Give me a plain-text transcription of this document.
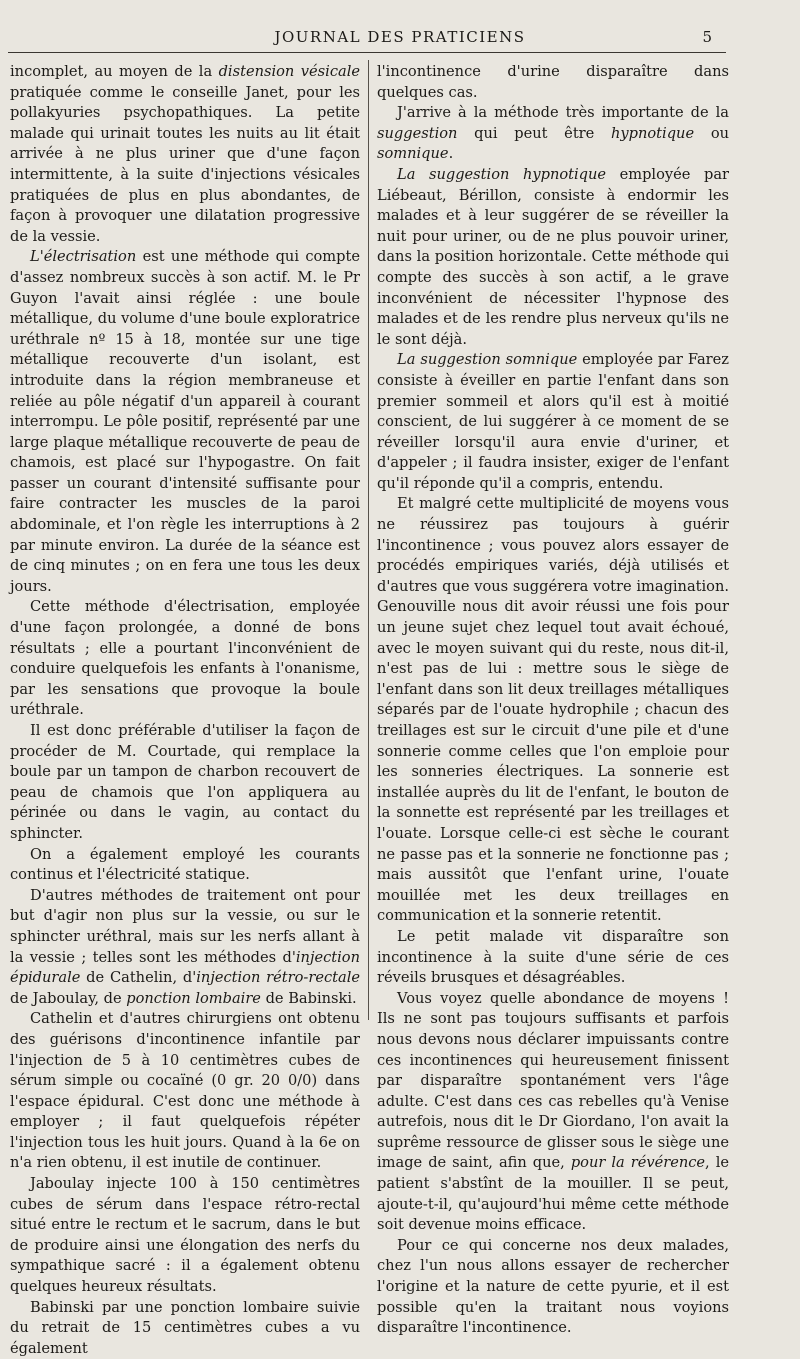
JOURNAL DES PRATICIENS	5

incomplet, au moyen de la distension vésicale pratiquée comme le conseille Janet, pour les pollakyuries psychopathiques. La petite malade qui urinait toutes les nuits au lit était arrivée à ne plus uriner que d'une façon intermittente, à la suite d'injections vésicales pratiquées de plus en plus abondantes, de façon à provoquer une dilatation progressive de la vessie.

L'électrisation est une méthode qui compte d'assez nombreux succès à son actif. M. le Pr Guyon l'avait ainsi réglée : une boule métallique, du volume d'une boule exploratrice uréthrale nº 15 à 18, montée sur une tige métallique recouverte d'un isolant, est introduite dans la région membraneuse et reliée au pôle négatif d'un appareil à courant interrompu. Le pôle positif, représenté par une large plaque métallique recouverte de peau de chamois, est placé sur l'hypogastre. On fait passer un courant d'intensité suffisante pour faire contracter les muscles de la paroi abdominale, et l'on règle les interruptions à 2 par minute environ. La durée de la séance est de cinq minutes ; on en fera une tous les deux jours.

Cette méthode d'électrisation, employée d'une façon prolongée, a donné de bons résultats ; elle a pourtant l'inconvénient de conduire quelquefois les enfants à l'onanisme, par les sensations que provoque la boule uréthrale.

Il est donc préférable d'utiliser la façon de procéder de M. Courtade, qui remplace la boule par un tampon de charbon recouvert de peau de chamois que l'on appliquera au périnée ou dans le vagin, au contact du sphincter.

On a également employé les courants continus et l'électricité statique.

D'autres méthodes de traitement ont pour but d'agir non plus sur la vessie, ou sur le sphincter uréthral, mais sur les nerfs allant à la vessie ; telles sont les méthodes d'injection épidurale de Cathelin, d'injection rétro-rectale de Jaboulay, de ponction lombaire de Babinski.

Cathelin et d'autres chirurgiens ont obtenu des guérisons d'incontinence infantile par l'injection de 5 à 10 centimètres cubes de sérum simple ou cocaïné (0 gr. 20 0/0) dans l'espace épidural. C'est donc une méthode à employer ; il faut quelquefois répéter l'injection tous les huit jours. Quand à la 6e on n'a rien obtenu, il est inutile de continuer.

Jaboulay injecte 100 à 150 centimètres cubes de sérum dans l'espace rétro-rectal situé entre le rectum et le sacrum, dans le but de produire ainsi une élongation des nerfs du sympathique sacré : il a également obtenu quelques heureux résultats.

Babinski par une ponction lombaire suivie du retrait de 15 centimètres cubes a vu également

l'incontinence d'urine disparaître dans quelques cas.

J'arrive à la méthode très importante de la suggestion qui peut être hypnotique ou somnique.

La suggestion hypnotique employée par Liébeaut, Bérillon, consiste à endormir les malades et à leur suggérer de se réveiller la nuit pour uriner, ou de ne plus pouvoir uriner, dans la position horizontale. Cette méthode qui compte des succès à son actif, a le grave inconvénient de nécessiter l'hypnose des malades et de les rendre plus nerveux qu'ils ne le sont déjà.

La suggestion somnique employée par Farez consiste à éveiller en partie l'enfant dans son premier sommeil et alors qu'il est à moitié conscient, de lui suggérer à ce moment de se réveiller lorsqu'il aura envie d'uriner, et d'appeler ; il faudra insister, exiger de l'enfant qu'il réponde qu'il a compris, entendu.

Et malgré cette multiplicité de moyens vous ne réussirez pas toujours à guérir l'incontinence ; vous pouvez alors essayer de procédés empiriques variés, déjà utilisés et d'autres que vous suggérera votre imagination. Genouville nous dit avoir réussi une fois pour un jeune sujet chez lequel tout avait échoué, avec le moyen suivant qui du reste, nous dit-il, n'est pas de lui : mettre sous le siège de l'enfant dans son lit deux treillages métalliques séparés par de l'ouate hydrophile ; chacun des treillages est sur le circuit d'une pile et d'une sonnerie comme celles que l'on emploie pour les sonneries électriques. La sonnerie est installée auprès du lit de l'enfant, le bouton de la sonnette est représenté par les treillages et l'ouate. Lorsque celle-ci est sèche le courant ne passe pas et la sonnerie ne fonctionne pas ; mais aussitôt que l'enfant urine, l'ouate mouillée met les deux treillages en communication et la sonnerie retentit.

Le petit malade vit disparaître son incontinence à la suite d'une série de ces réveils brusques et désagréables.

Vous voyez quelle abondance de moyens ! Ils ne sont pas toujours suffisants et parfois nous devons nous déclarer impuissants contre ces incontinences qui heureusement finissent par disparaître spontanément vers l'âge adulte. C'est dans ces cas rebelles qu'à Venise autrefois, nous dit le Dr Giordano, l'on avait la suprême ressource de glisser sous le siège une image de saint, afin que, pour la révérence, le patient s'abstînt de la mouiller. Il se peut, ajoute-t-il, qu'aujourd'hui même cette méthode soit devenue moins efficace.

Pour ce qui concerne nos deux malades, chez l'un nous allons essayer de rechercher l'origine et la nature de cette pyurie, et il est possible qu'en la traitant nous voyions disparaître l'incontinence.
